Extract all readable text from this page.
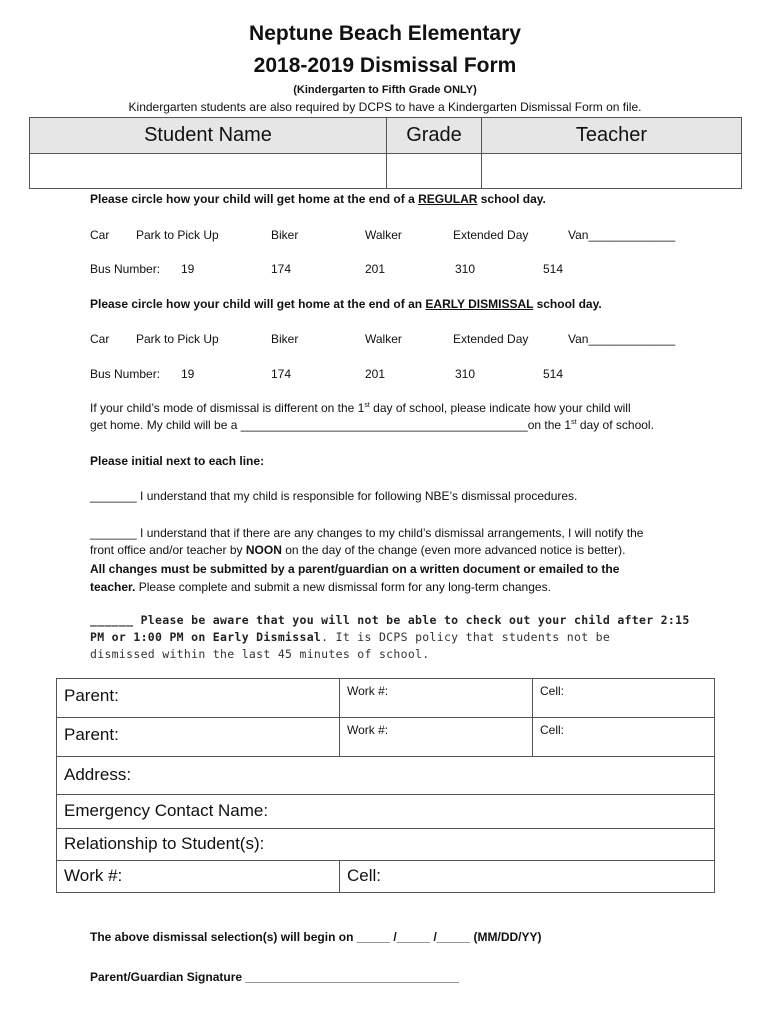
Neptune Beach Elementary
2018-2019 Dismissal Form
(Kindergarten to Fifth Grade ONLY)
Kindergarten students are also required by DCPS to have a Kindergarten Dismissal Form on file.
Student Name	Grade	Teacher

Please circle how your child will get home at the end of a REGULAR school day.
Car Park to Pick Up	Biker	Walker	Extended Day	Van_____________
Bus Number: 19	174	201	310	514
Please circle how your child will get home at the end of an EARLY DISMISSAL school day.
Car Park to Pick Up	Biker	Walker	Extended Day	Van_____________
Bus Number: 19	174	201	310	514
If your child’s mode of dismissal is different on the 1st day of school, please indicate how your child will
get home. My child will be a ___________________________________________on the 1st day of school.
Please initial next to each line:
_______ I understand that my child is responsible for following NBE’s dismissal procedures.
_______ I understand that if there are any changes to my child’s dismissal arrangements, I will notify the
front office and/or teacher by NOON on the day of the change (even more advanced notice is better).
All changes must be submitted by a parent/guardian on a written document or emailed to the
teacher. Please complete and submit a new dismissal form for any long-term changes.
______ Please be aware that you will not be able to check out your child after 2:15
PM or 1:00 PM on Early Dismissal. It is DCPS policy that students not be
dismissed within the last 45 minutes of school.
Parent:	Work #:	Cell:
Parent:	Work #:	Cell:
Address:		
Emergency Contact Name:		
Relationship to Student(s):		
Work #:	Cell:	
The above dismissal selection(s) will begin on _____ /_____ /_____ (MM/DD/YY)
Parent/Guardian Signature ________________________________
